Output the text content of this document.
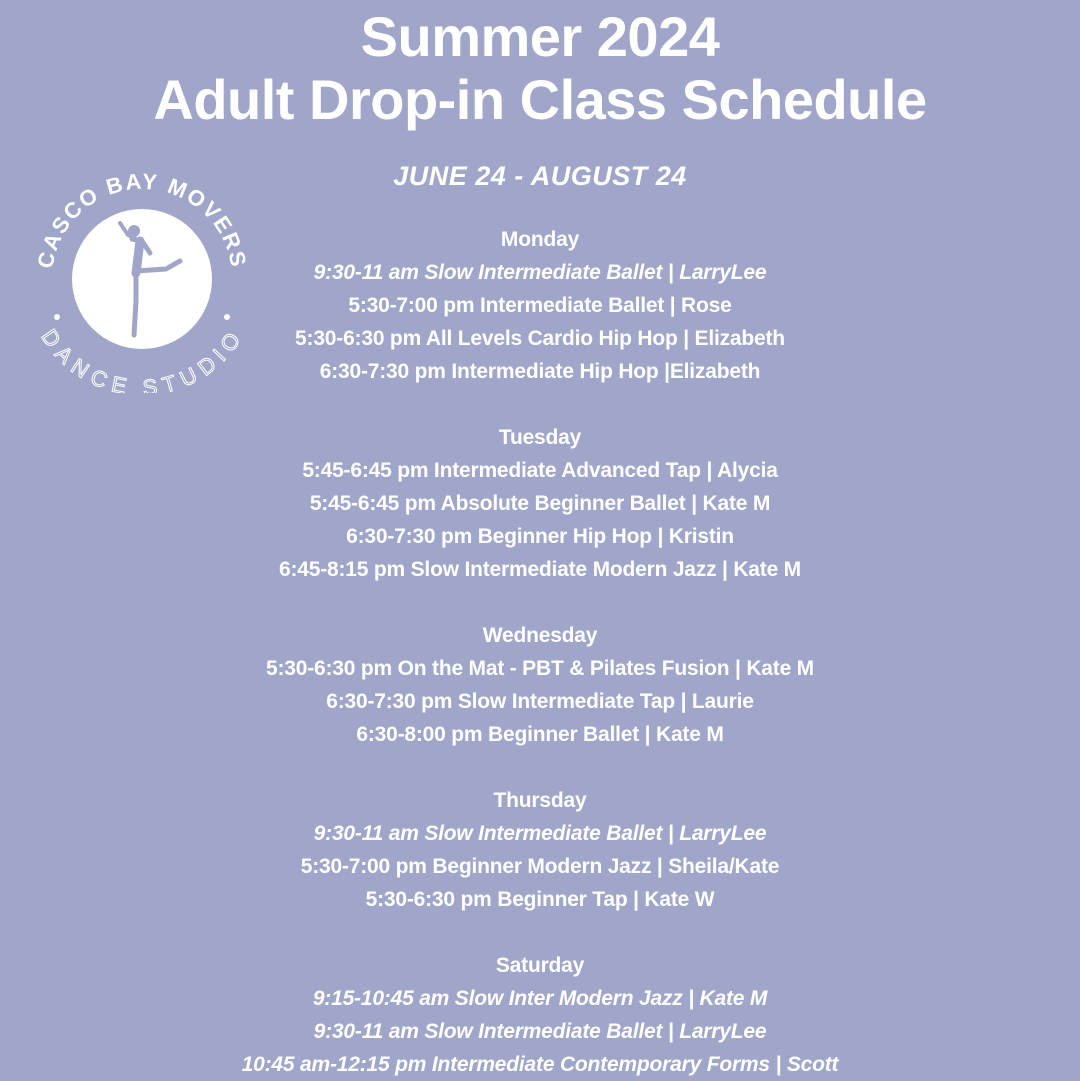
Summer 2024
Adult Drop-in Class Schedule
JUNE 24 - AUGUST 24
CASCO BAY MOVERS
DANCE STUDIO
Monday
9:30-11 am Slow Intermediate Ballet | LarryLee
5:30-7:00 pm Intermediate Ballet | Rose
5:30-6:30 pm All Levels Cardio Hip Hop | Elizabeth
6:30-7:30 pm Intermediate Hip Hop |Elizabeth
Tuesday
5:45-6:45 pm Intermediate Advanced Tap | Alycia
5:45-6:45 pm Absolute Beginner Ballet | Kate M
6:30-7:30 pm Beginner Hip Hop | Kristin
6:45-8:15 pm Slow Intermediate Modern Jazz | Kate M
Wednesday
5:30-6:30 pm On the Mat - PBT & Pilates Fusion | Kate M
6:30-7:30 pm Slow Intermediate Tap | Laurie
6:30-8:00 pm Beginner Ballet | Kate M
Thursday
9:30-11 am Slow Intermediate Ballet | LarryLee
5:30-7:00 pm Beginner Modern Jazz | Sheila/Kate
5:30-6:30 pm Beginner Tap | Kate W
Saturday
9:15-10:45 am Slow Inter Modern Jazz | Kate M
9:30-11 am Slow Intermediate Ballet | LarryLee
10:45 am-12:15 pm Intermediate Contemporary Forms | Scott
